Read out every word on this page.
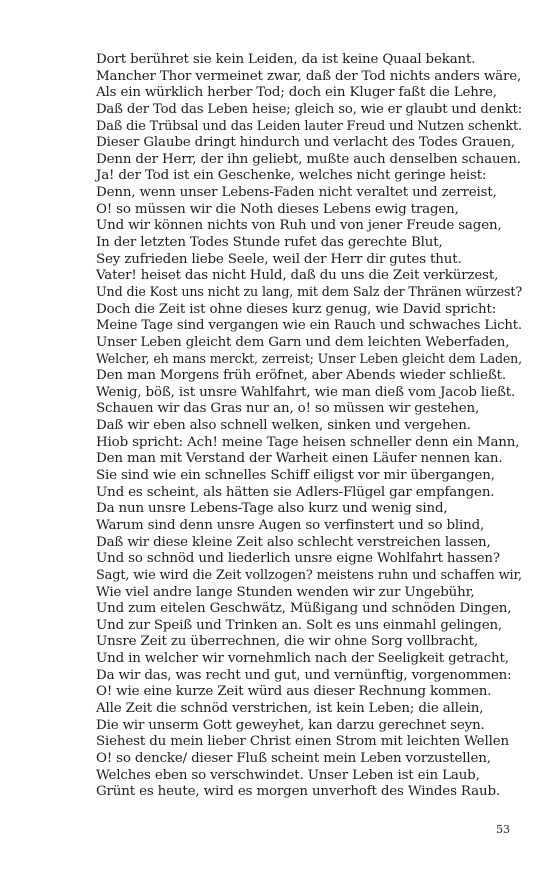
Dort berühret sie kein Leiden, da ist keine Quaal bekant.
Mancher Thor vermeinet zwar, daß der Tod nichts anders wäre,
Als ein würklich herber Tod; doch ein Kluger faßt die Lehre,
Daß der Tod das Leben heise; gleich so, wie er glaubt und denkt:
Daß die Trübsal und das Leiden lauter Freud und Nutzen schenkt.
Dieser Glaube dringt hindurch und verlacht des Todes Grauen,
Denn der Herr, der ihn geliebt, mußte auch denselben schauen.
Ja! der Tod ist ein Geschenke, welches nicht geringe heist:
Denn, wenn unser Lebens-Faden nicht veraltet und zerreist,
O! so müssen wir die Noth dieses Lebens ewig tragen,
Und wir können nichts von Ruh und von jener Freude sagen,
In der letzten Todes Stunde rufet das gerechte Blut,
Sey zufrieden liebe Seele, weil der Herr dir gutes thut.
Vater! heiset das nicht Huld, daß du uns die Zeit verkürzest,
Und die Kost uns nicht zu lang, mit dem Salz der Thränen würzest?
Doch die Zeit ist ohne dieses kurz genug, wie David spricht:
Meine Tage sind vergangen wie ein Rauch und schwaches Licht.
Unser Leben gleicht dem Garn und dem leichten Weberfaden,
Welcher, eh mans merckt, zerreist; Unser Leben gleicht dem Laden,
Den man Morgens früh eröfnet, aber Abends wieder schließt.
Wenig, böß, ist unsre Wahlfahrt, wie man dieß vom Jacob ließt.
Schauen wir das Gras nur an, o! so müssen wir gestehen,
Daß wir eben also schnell welken, sinken und vergehen.
Hiob spricht: Ach! meine Tage heisen schneller denn ein Mann,
Den man mit Verstand der Warheit einen Läufer nennen kan.
Sie sind wie ein schnelles Schiff eiligst vor mir übergangen,
Und es scheint, als hätten sie Adlers-Flügel gar empfangen.
Da nun unsre Lebens-Tage also kurz und wenig sind,
Warum sind denn unsre Augen so verfinstert und so blind,
Daß wir diese kleine Zeit also schlecht verstreichen lassen,
Und so schnöd und liederlich unsre eigne Wohlfahrt hassen?
Sagt, wie wird die Zeit vollzogen? meistens ruhn und schaffen wir,
Wie viel andre lange Stunden wenden wir zur Ungebühr,
Und zum eitelen Geschwätz, Müßigang und schnöden Dingen,
Und zur Speiß und Trinken an. Solt es uns einmahl gelingen,
Unsre Zeit zu überrechnen, die wir ohne Sorg vollbracht,
Und in welcher wir vornehmlich nach der Seeligkeit getracht,
Da wir das, was recht und gut, und vernünftig, vorgenommen:
O! wie eine kurze Zeit würd aus dieser Rechnung kommen.
Alle Zeit die schnöd verstrichen, ist kein Leben; die allein,
Die wir unserm Gott geweyhet, kan darzu gerechnet seyn.
Siehest du mein lieber Christ einen Strom mit leichten Wellen
O! so dencke/ dieser Fluß scheint mein Leben vorzustellen,
Welches eben so verschwindet. Unser Leben ist ein Laub,
Grünt es heute, wird es morgen unverhoft des Windes Raub.
53
